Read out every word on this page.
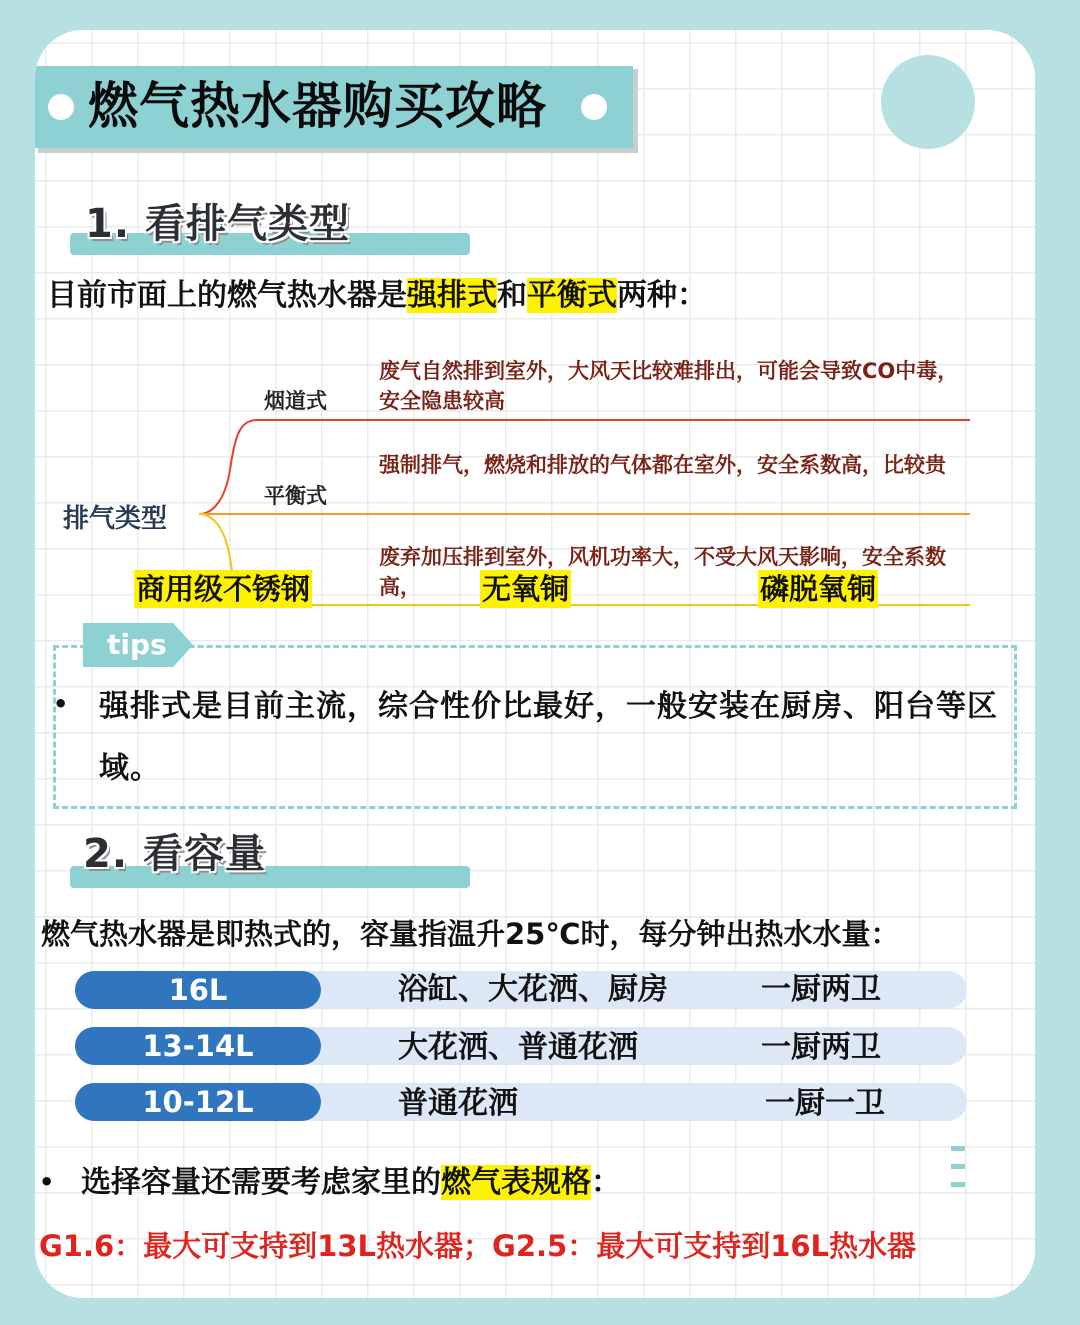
燃气热水器购买攻略
1. 看排气类型
目前市面上的燃气热水器是强排式和平衡式两种：
排气类型
烟道式
废气自然排到室外，大风天比较难排出，可能会导致CO中毒，安全隐患较高
平衡式
强制排气，燃烧和排放的气体都在室外，安全系数高，比较贵
废弃加压排到室外，风机功率大，不受大风天影响，安全系数高，
商用级不锈钢	无氧铜	磷脱氧铜
tips
• 强排式是目前主流，综合性价比最好，一般安装在厨房、阳台等区域。
2. 看容量
燃气热水器是即热式的，容量指温升25℃时，每分钟出热水水量：
16L	浴缸、大花洒、厨房	一厨两卫
13-14L	大花洒、普通花洒	一厨两卫
10-12L	普通花洒	一厨一卫
• 选择容量还需要考虑家里的燃气表规格：
G1.6：最大可支持到13L热水器；G2.5：最大可支持到16L热水器
